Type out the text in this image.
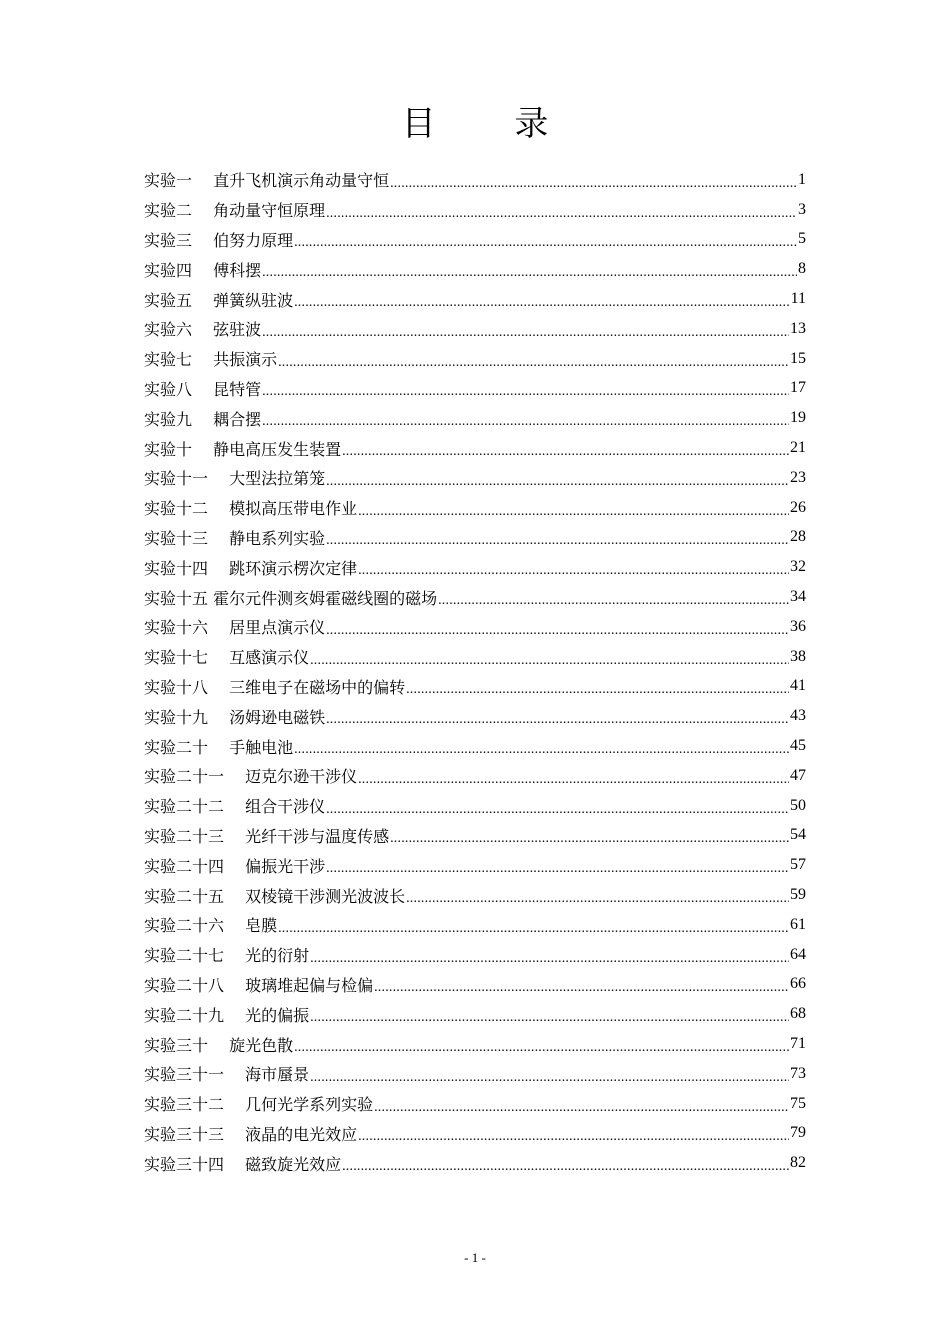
目 录
实验一　 直升飞机演示角动量守恒 .....	1
实验二　 角动量守恒原理 .....	3
实验三　 伯努力原理 .....	5
实验四　 傅科摆 .....	8
实验五　 弹簧纵驻波 .....	11
实验六　 弦驻波 .....	13
实验七　 共振演示 .....	15
实验八　 昆特管 .....	17
实验九　 耦合摆 .....	19
实验十　 静电高压发生装置 .....	21
实验十一　 大型法拉第笼 .....	23
实验十二　 模拟高压带电作业 .....	26
实验十三　 静电系列实验 .....	28
实验十四　 跳环演示楞次定律 .....	32
实验十五 霍尔元件测亥姆霍磁线圈的磁场 .....	34
实验十六　 居里点演示仪 .....	36
实验十七　 互感演示仪 .....	38
实验十八　 三维电子在磁场中的偏转 .....	41
实验十九　 汤姆逊电磁铁 .....	43
实验二十　 手触电池 .....	45
实验二十一　 迈克尔逊干涉仪 .....	47
实验二十二　 组合干涉仪 .....	50
实验二十三　 光纤干涉与温度传感 .....	54
实验二十四　 偏振光干涉 .....	57
实验二十五　 双棱镜干涉测光波波长 .....	59
实验二十六　 皂膜 .....	61
实验二十七　 光的衍射 .....	64
实验二十八　 玻璃堆起偏与检偏 .....	66
实验二十九　 光的偏振 .....	68
实验三十　 旋光色散 .....	71
实验三十一　 海市蜃景 .....	73
实验三十二　 几何光学系列实验 .....	75
实验三十三　 液晶的电光效应 .....	79
实验三十四　 磁致旋光效应 .....	82
- 1 -
